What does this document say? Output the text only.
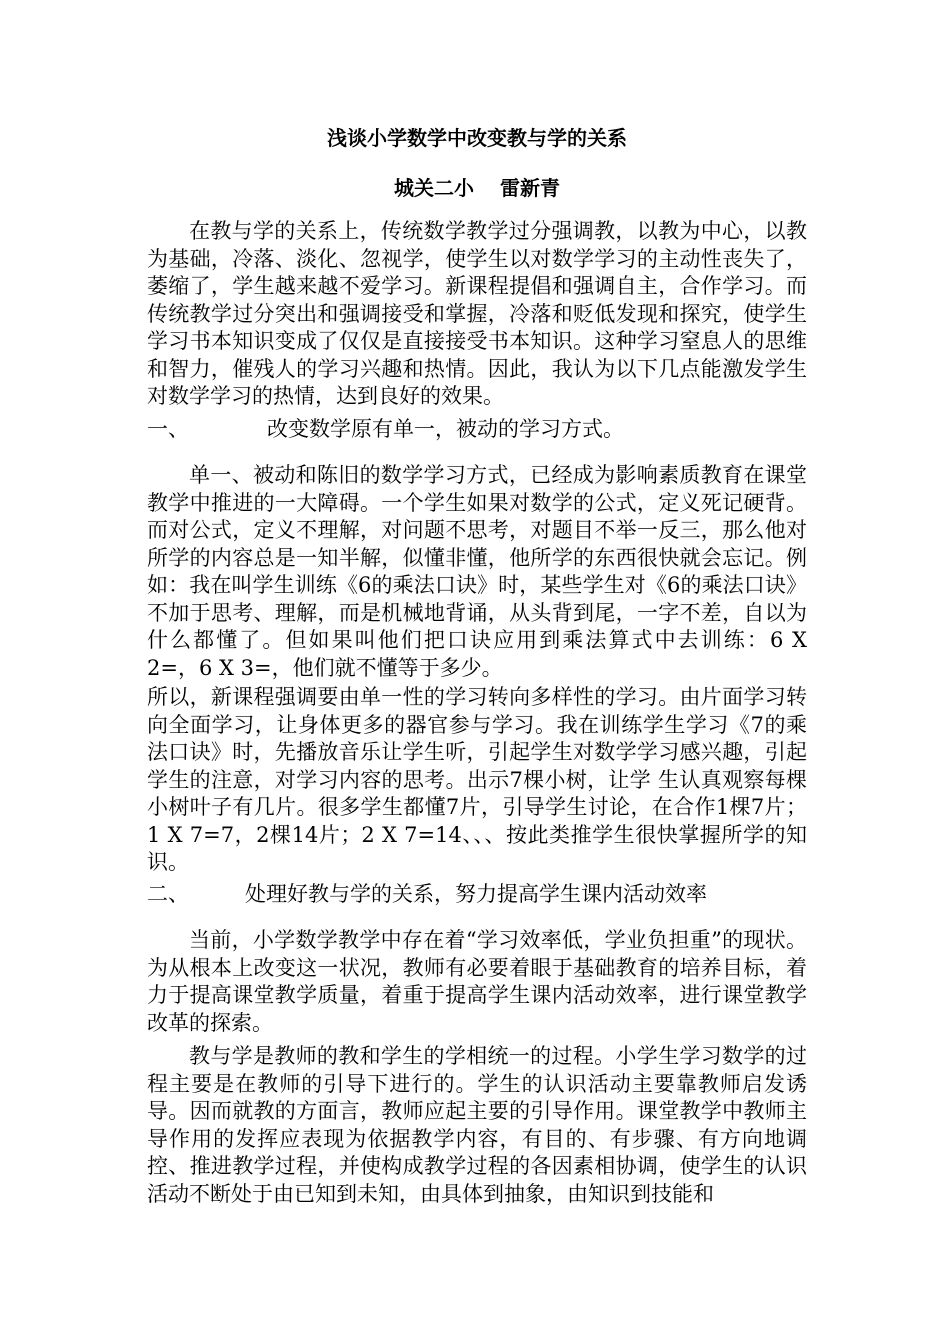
浅谈小学数学中改变教与学的关系
城关二小 雷新青

在教与学的关系上，传统数学教学过分强调教，以教为中心，以教为基础，冷落、淡化、忽视学，使学生以对数学学习的主动性丧失了，萎缩了，学生越来越不爱学习。新课程提倡和强调自主，合作学习。而传统教学过分突出和强调接受和掌握，冷落和贬低发现和探究，使学生学习书本知识变成了仅仅是直接接受书本知识。这种学习窒息人的思维和智力，催残人的学习兴趣和热情。因此，我认为以下几点能激发学生对数学学习的热情，达到良好的效果。

一、	改变数学原有单一，被动的学习方式。

单一、被动和陈旧的数学学习方式，已经成为影响素质教育在课堂教学中推进的一大障碍。一个学生如果对数学的公式，定义死记硬背。而对公式，定义不理解，对问题不思考，对题目不举一反三，那么他对所学的内容总是一知半解，似懂非懂，他所学的东西很快就会忘记。例如：我在叫学生训练《6的乘法口诀》时，某些学生对《6的乘法口诀》不加于思考、理解，而是机械地背诵，从头背到尾，一字不差，自以为什么都懂了。但如果叫他们把口诀应用到乘法算式中去训练：6 X 2=，6 X 3=，他们就不懂等于多少。

所以，新课程强调要由单一性的学习转向多样性的学习。由片面学习转向全面学习，让身体更多的器官参与学习。我在训练学生学习《7的乘法口诀》时，先播放音乐让学生听，引起学生对数学学习感兴趣，引起学生的注意，对学习内容的思考。出示7棵小树，让学 生认真观察每棵小树叶子有几片。很多学生都懂7片，引导学生讨论，在合作1棵7片；1 X 7=7，2棵14片；2 X 7=14、、、按此类推学生很快掌握所学的知识。

二、	处理好教与学的关系，努力提高学生课内活动效率

当前，小学数学教学中存在着“学习效率低，学业负担重”的现状。为从根本上改变这一状况，教师有必要着眼于基础教育的培养目标，着力于提高课堂教学质量，着重于提高学生课内活动效率，进行课堂教学改革的探索。

教与学是教师的教和学生的学相统一的过程。小学生学习数学的过程主要是在教师的引导下进行的。学生的认识活动主要靠教师启发诱导。因而就教的方面言，教师应起主要的引导作用。课堂教学中教师主导作用的发挥应表现为依据教学内容，有目的、有步骤、有方向地调控、推进教学过程，并使构成教学过程的各因素相协调，使学生的认识活动不断处于由已知到未知，由具体到抽象，由知识到技能和
